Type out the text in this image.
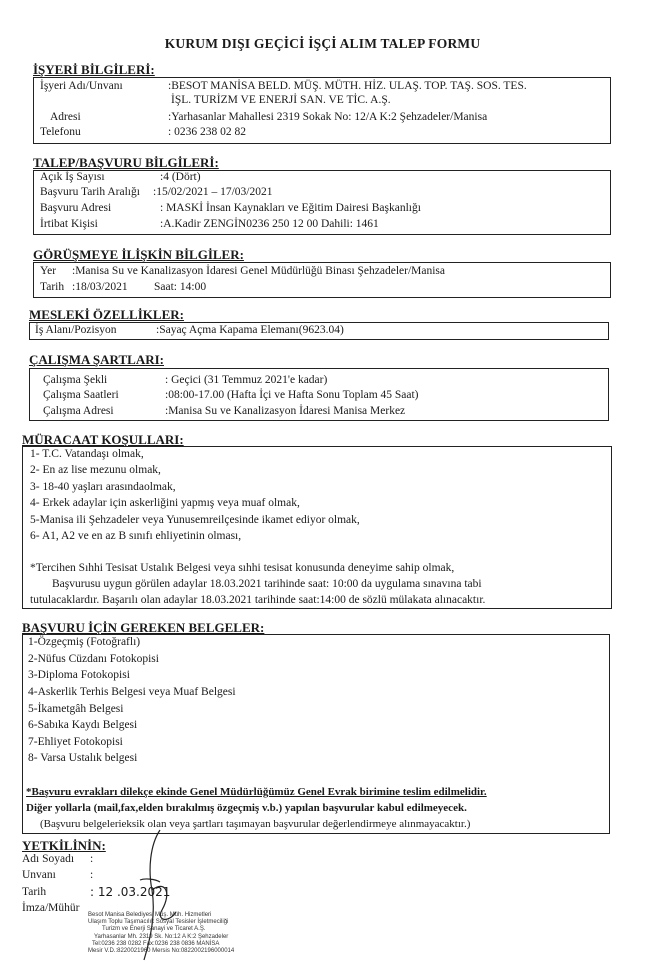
KURUM DIŞI GEÇİCİ İŞÇİ ALIM TALEP FORMU
İŞYERİ BİLGİLERİ:
İşyeri Adı/Unvanı	:BESOT MANİSA BELD. MÜŞ. MÜTH. HİZ. ULAŞ. TOP. TAŞ. SOS. TES.
İŞL. TURİZM VE ENERJİ SAN. VE TİC. A.Ş.
Adresi	:Yarhasanlar Mahallesi 2319 Sokak No: 12/A K:2 Şehzadeler/Manisa
Telefonu	: 0236 238 02 82
TALEP/BAŞVURU BİLGİLERİ:
Açık İş Sayısı	:4 (Dört)
Başvuru Tarih Aralığı :15/02/2021 – 17/03/2021
Başvuru Adresi	: MASKİ İnsan Kaynakları ve Eğitim Dairesi Başkanlığı
İrtibat Kişisi	:A.Kadir ZENGİN0236 250 12 00 Dahili: 1461
GÖRÜŞMEYE İLİŞKİN BİLGİLER:
Yer :Manisa Su ve Kanalizasyon İdaresi Genel Müdürlüğü Binası Şehzadeler/Manisa
Tarih :18/03/2021 Saat: 14:00
MESLEKİ ÖZELLİKLER:
İş Alanı/Pozisyon	:Sayaç Açma Kapama Elemanı(9623.04)
ÇALIŞMA ŞARTLARI:
Çalışma Şekli	: Geçici (31 Temmuz 2021'e kadar)
Çalışma Saatleri	:08:00-17.00 (Hafta İçi ve Hafta Sonu Toplam 45 Saat)
Çalışma Adresi	:Manisa Su ve Kanalizasyon İdaresi Manisa Merkez
MÜRACAAT KOŞULLARI:
1- T.C. Vatandaşı olmak,
2- En az lise mezunu olmak,
3- 18-40 yaşları arasındaolmak,
4- Erkek adaylar için askerliğini yapmış veya muaf olmak,
5-Manisa ili Şehzadeler veya Yunusemreilçesinde ikamet ediyor olmak,
6- A1, A2 ve en az B sınıfı ehliyetinin olması,
*Tercihen Sıhhi Tesisat Ustalık Belgesi veya sıhhi tesisat konusunda deneyime sahip olmak,
Başvurusu uygun görülen adaylar 18.03.2021 tarihinde saat: 10:00 da uygulama sınavına tabi
tutulacaklardır. Başarılı olan adaylar 18.03.2021 tarihinde saat:14:00 de sözlü mülakata alınacaktır.
BAŞVURU İÇİN GEREKEN BELGELER:
1-Özgeçmiş (Fotoğraflı)
2-Nüfus Cüzdanı Fotokopisi
3-Diploma Fotokopisi
4-Askerlik Terhis Belgesi veya Muaf Belgesi
5-İkametgâh Belgesi
6-Sabıka Kaydı Belgesi
7-Ehliyet Fotokopisi
8- Varsa Ustalık belgesi
*Başvuru evrakları dilekçe ekinde Genel Müdürlüğümüz Genel Evrak birimine teslim edilmelidir.
Diğer yollarla (mail,fax,elden bırakılmış özgeçmiş v.b.) yapılan başvurular kabul edilmeyecek.
(Başvuru belgelerieksik olan veya şartları taşımayan başvurular değerlendirmeye alınmayacaktır.)
YETKİLİNİN:
Adı Soyadı :
Unvanı	:
Tarih	: 12 .03.2021
İmza/Mühür
Besot Manisa Belediyesi Müş. Müh. Hizmetleri
Ulaşım Toplu Taşımacılık Sosyal Tesisler İşletmeciliği
Turizm ve Enerji Sanayi ve Ticaret A.Ş.
Yarhasanlar Mh. 2319 Sk. No:12 A K:2 Şehzadeler
Tel:0236 238 0282 Fax:0236 238 0836 MANİSA
Mesir V.D.:8220021960 Mersis No:0822002196000014
